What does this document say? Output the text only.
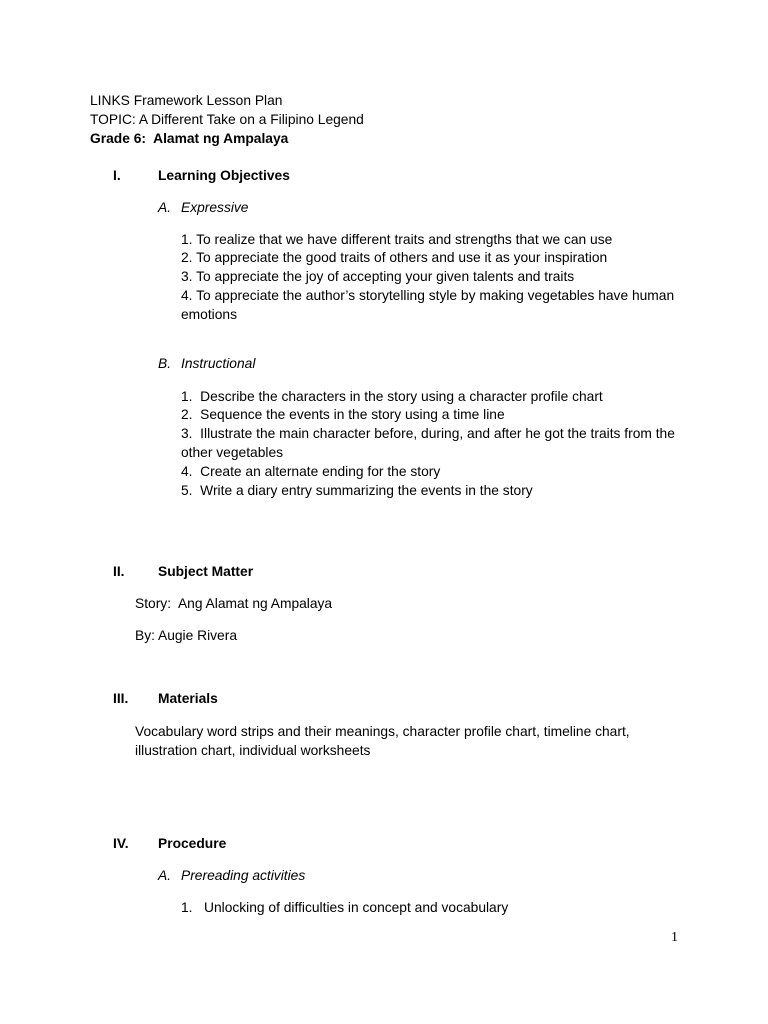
LINKS Framework Lesson Plan
TOPIC: A Different Take on a Filipino Legend
Grade 6:  Alamat ng Ampalaya
I.	Learning Objectives
A. Expressive
1. To realize that we have different traits and strengths that we can use
2. To appreciate the good traits of others and use it as your inspiration
3. To appreciate the joy of accepting your given talents and traits
4. To appreciate the author’s storytelling style by making vegetables have human
emotions
B. Instructional
1.  Describe the characters in the story using a character profile chart
2.  Sequence the events in the story using a time line
3.  Illustrate the main character before, during, and after he got the traits from the
other vegetables
4.  Create an alternate ending for the story
5.  Write a diary entry summarizing the events in the story
II. Subject Matter
Story:  Ang Alamat ng Ampalaya
By: Augie Rivera
III. Materials
Vocabulary word strips and their meanings, character profile chart, timeline chart,
illustration chart, individual worksheets
IV. Procedure
A. Prereading activities
1.   Unlocking of difficulties in concept and vocabulary
1
